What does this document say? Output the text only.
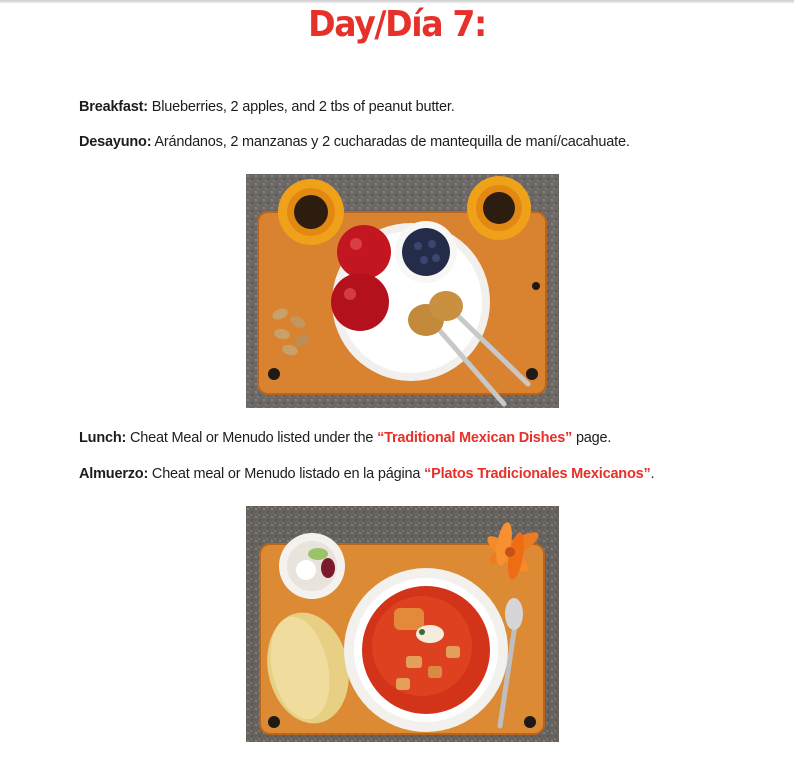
Day/Día 7:
Breakfast: Blueberries, 2 apples, and 2 tbs of peanut butter.
Desayuno: Arándanos, 2 manzanas y 2 cucharadas de mantequilla de maní/cacahuate.
Lunch: Cheat Meal or Menudo listed under the “Traditional Mexican Dishes” page.
Almuerzo: Cheat meal or Menudo listado en la página “Platos Tradicionales Mexicanos”.
